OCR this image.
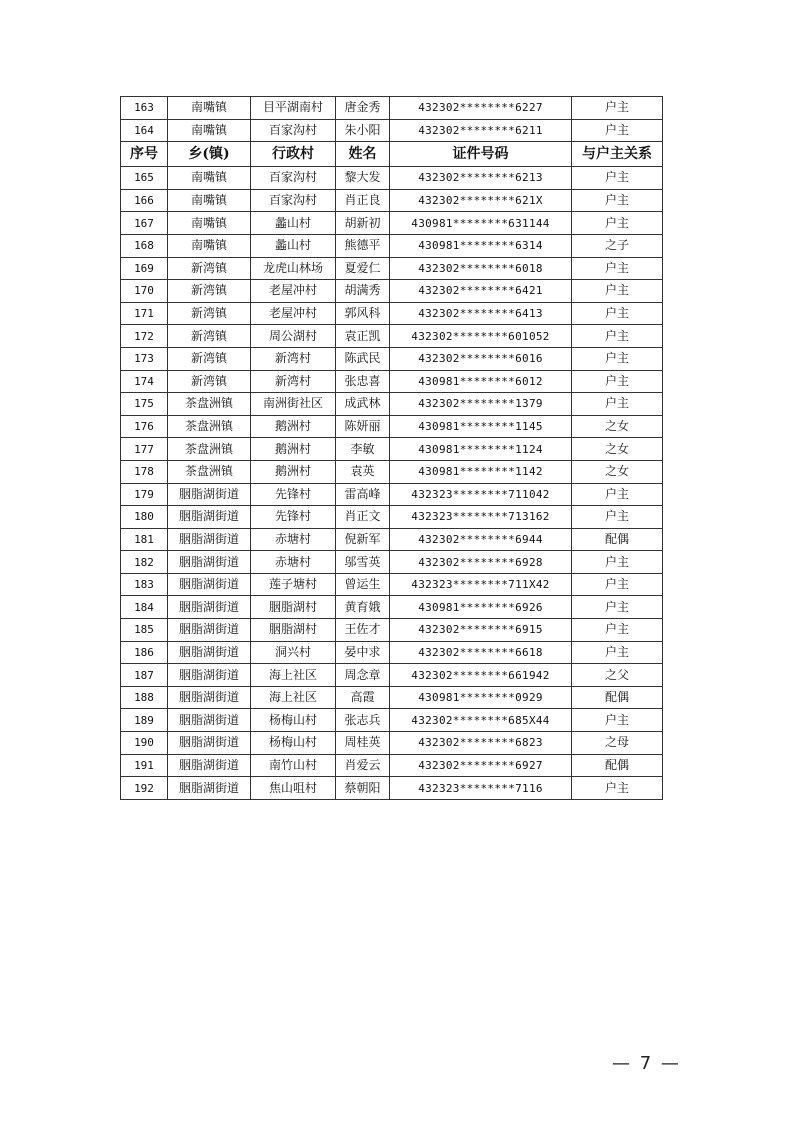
163	南嘴镇	目平湖南村	唐金秀	432302********6227	户主
164	南嘴镇	百家沟村	朱小阳	432302********6211	户主
序号	乡(镇)	行政村	姓名	证件号码	与户主关系
165	南嘴镇	百家沟村	黎大发	432302********6213	户主
166	南嘴镇	百家沟村	肖正良	432302********621X	户主
167	南嘴镇	蠡山村	胡新初	430981********631144	户主
168	南嘴镇	蠡山村	熊德平	430981********6314	之子
169	新湾镇	龙虎山林场	夏爱仁	432302********6018	户主
170	新湾镇	老屋冲村	胡满秀	432302********6421	户主
171	新湾镇	老屋冲村	郭风科	432302********6413	户主
172	新湾镇	周公湖村	袁正凯	432302********601052	户主
173	新湾镇	新湾村	陈武民	432302********6016	户主
174	新湾镇	新湾村	张忠喜	430981********6012	户主
175	茶盘洲镇	南洲街社区	成武林	432302********1379	户主
176	茶盘洲镇	鹅洲村	陈妍丽	430981********1145	之女
177	茶盘洲镇	鹅洲村	李敏	430981********1124	之女
178	茶盘洲镇	鹅洲村	袁英	430981********1142	之女
179	胭脂湖街道	先锋村	雷高峰	432323********711042	户主
180	胭脂湖街道	先锋村	肖正文	432323********713162	户主
181	胭脂湖街道	赤塘村	倪新军	432302********6944	配偶
182	胭脂湖街道	赤塘村	邬雪英	432302********6928	户主
183	胭脂湖街道	莲子塘村	曾运生	432323********711X42	户主
184	胭脂湖街道	胭脂湖村	黄育娥	430981********6926	户主
185	胭脂湖街道	胭脂湖村	王佐才	432302********6915	户主
186	胭脂湖街道	洞兴村	晏中求	432302********6618	户主
187	胭脂湖街道	海上社区	周念章	432302********661942	之父
188	胭脂湖街道	海上社区	高霞	430981********0929	配偶
189	胭脂湖街道	杨梅山村	张志兵	432302********685X44	户主
190	胭脂湖街道	杨梅山村	周桂英	432302********6823	之母
191	胭脂湖街道	南竹山村	肖爱云	432302********6927	配偶
192	胭脂湖街道	焦山咀村	蔡朝阳	432323********7116	户主
— 7 —
